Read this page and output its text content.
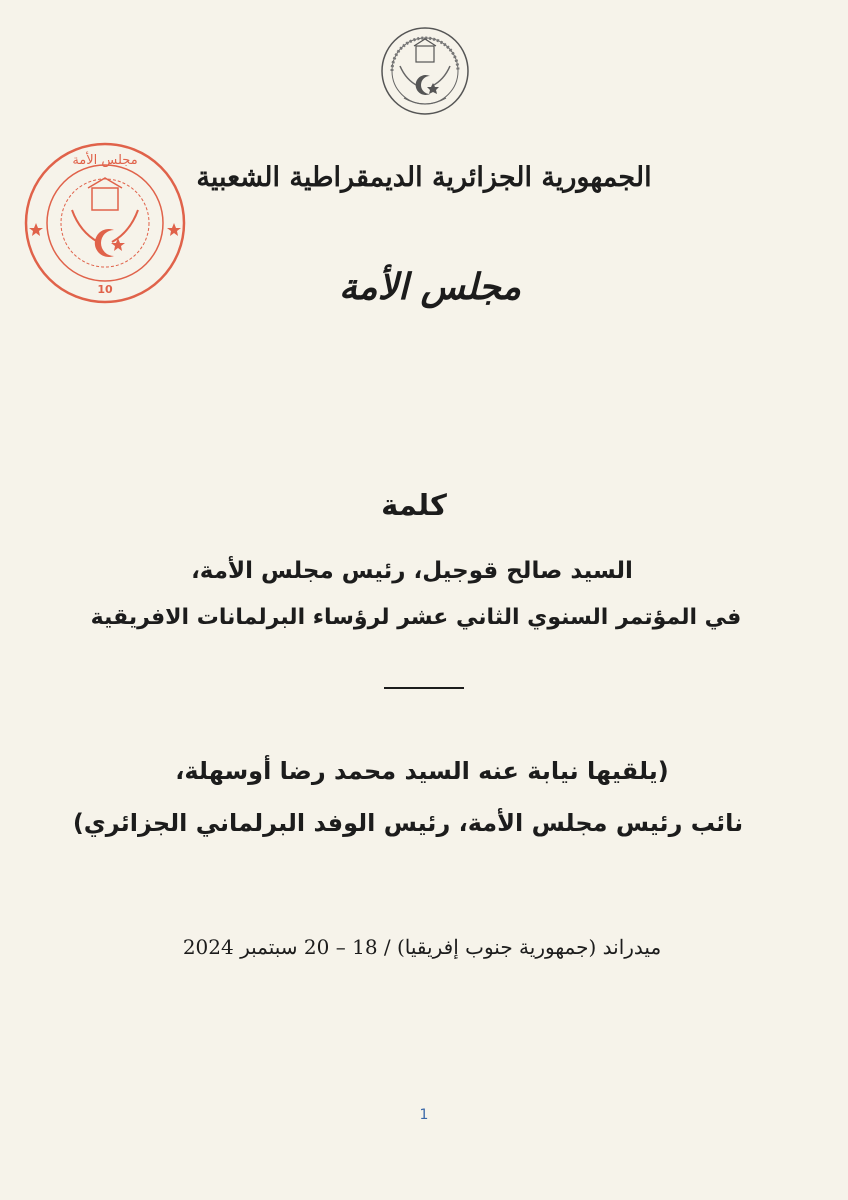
مجلس الأمة
10
الجمهورية الجزائرية الديمقراطية الشعبية
مجلس الأمة
كلمة
السيد صالح قوجيل، رئيس مجلس الأمة،
في المؤتمر السنوي الثاني عشر لرؤساء البرلمانات الافريقية
(يلقيها نيابة عنه السيد محمد رضا أوسهلة،
نائب رئيس مجلس الأمة، رئيس الوفد البرلماني الجزائري)
ميدراند (جمهورية جنوب إفريقيا) / 18 – 20 سبتمبر 2024
1
